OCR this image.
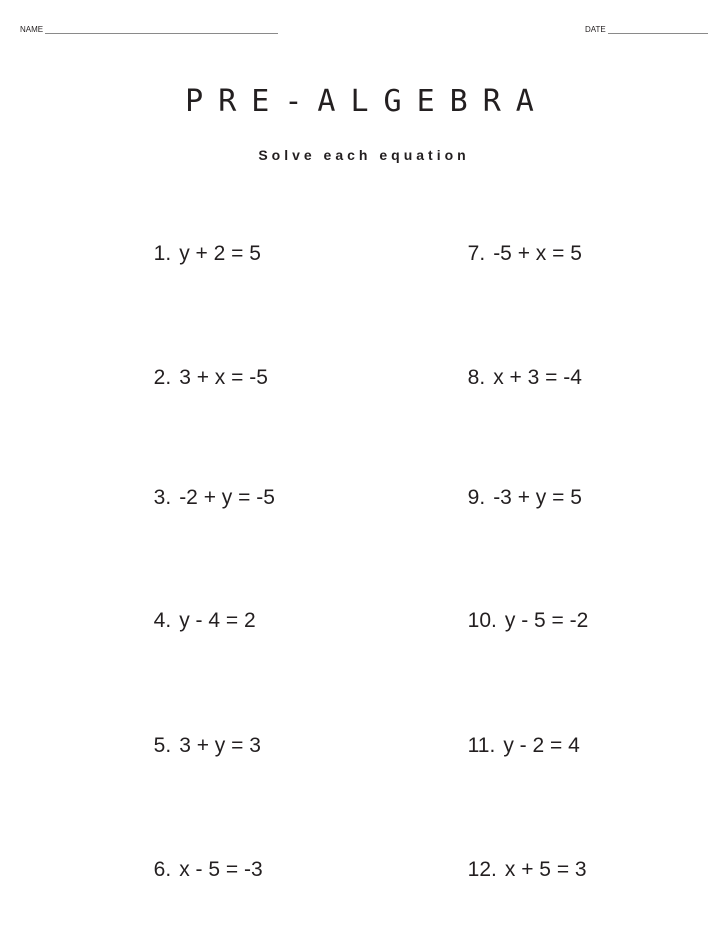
NAME	DATE
PRE-ALGEBRA
Solve each equation

1. y + 2 = 5

2. 3 + x = -5

3. -2 + y = -5

4. y - 4 = 2

5. 3 + y = 3

6. x - 5 = -3

7. -5 + x = 5

8. x + 3 = -4

9. -3 + y = 5

10. y - 5 = -2

11. y - 2 = 4

12. x + 5 = 3
